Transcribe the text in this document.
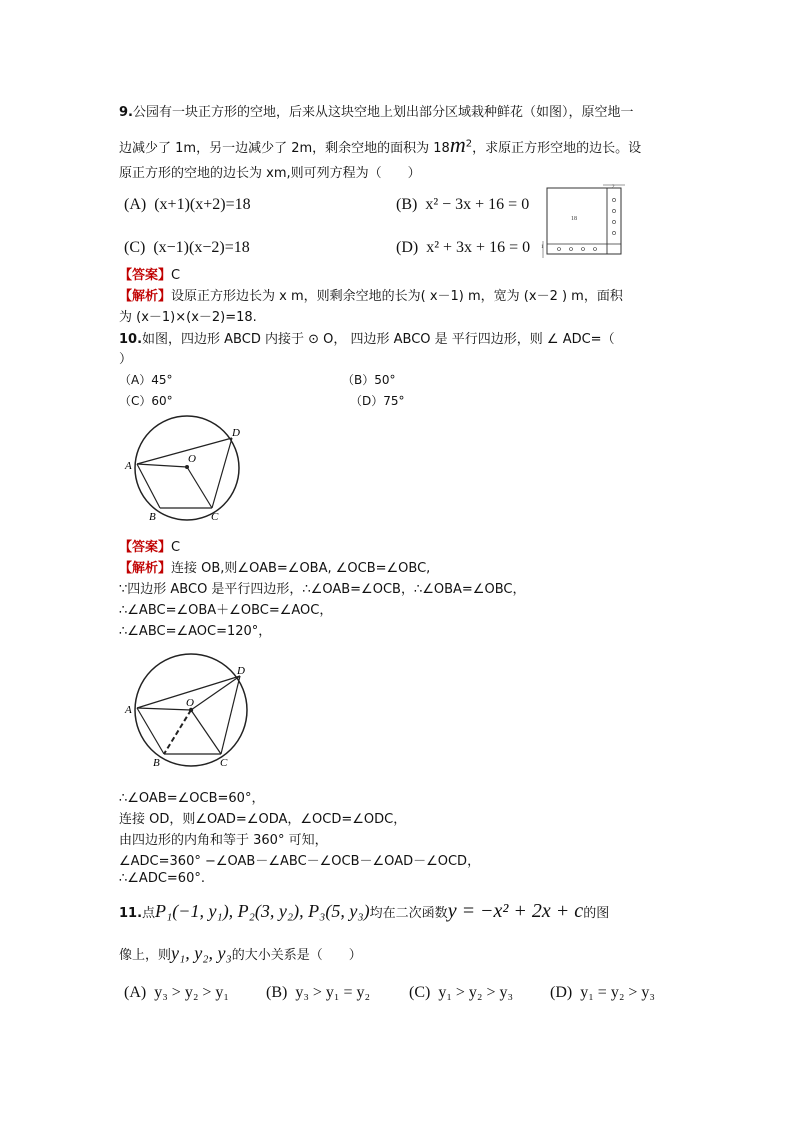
9.公园有一块正方形的空地，后来从这块空地上划出部分区域栽种鲜花（如图），原空地一
边减少了 1m，另一边减少了 2m，剩余空地的面积为 $18m^2$，求原正方形空地的边长。设
原正方形的空地的边长为 xm,则可列方程为（　　）
(A) (x+1)(x+2)=18	(B) x² − 3x + 16 = 0
(C) (x−1)(x−2)=18	(D) x² + 3x + 16 = 0
18
2
1
【答案】C
【解析】设原正方形边长为 x m，则剩余空地的长为( x－1) m，宽为 (x－2 ) m，面积
为 (x－1)×(x－2)=18.
10.如图，四边形 ABCD 内接于 ⊙ O， 四边形 ABCO 是 平行四边形，则 ∠ ADC=（
）
（A）45°	（B）50°
（C）60°	（D）75°
A
B	C
D
O
【答案】C
【解析】连接 OB,则∠OAB=∠OBA, ∠OCB=∠OBC,
∵四边形 ABCO 是平行四边形，∴∠OAB=∠OCB，∴∠OBA=∠OBC，
∴∠ABC=∠OBA＋∠OBC=∠AOC，
∴∠ABC=∠AOC=120°，
A
B	C
D
O
∴∠OAB=∠OCB=60°，
连接 OD，则∠OAD=∠ODA，∠OCD=∠ODC，
由四边形的内角和等于 360° 可知，
∠ADC=360° −∠OAB－∠ABC－∠OCB－∠OAD－∠OCD，
∴∠ADC=60°.
11.点P₁(−1, y₁), P₂(3, y₂), P₃(5, y₃)均在二次函数y = −x² + 2x + c的图
像上，则y₁, y₂, y₃的大小关系是（　　）
(A) y₃ > y₂ > y₁ (B) y₃ > y₁ = y₂ (C) y₁ > y₂ > y₃ (D) y₁ = y₂ > y₃
